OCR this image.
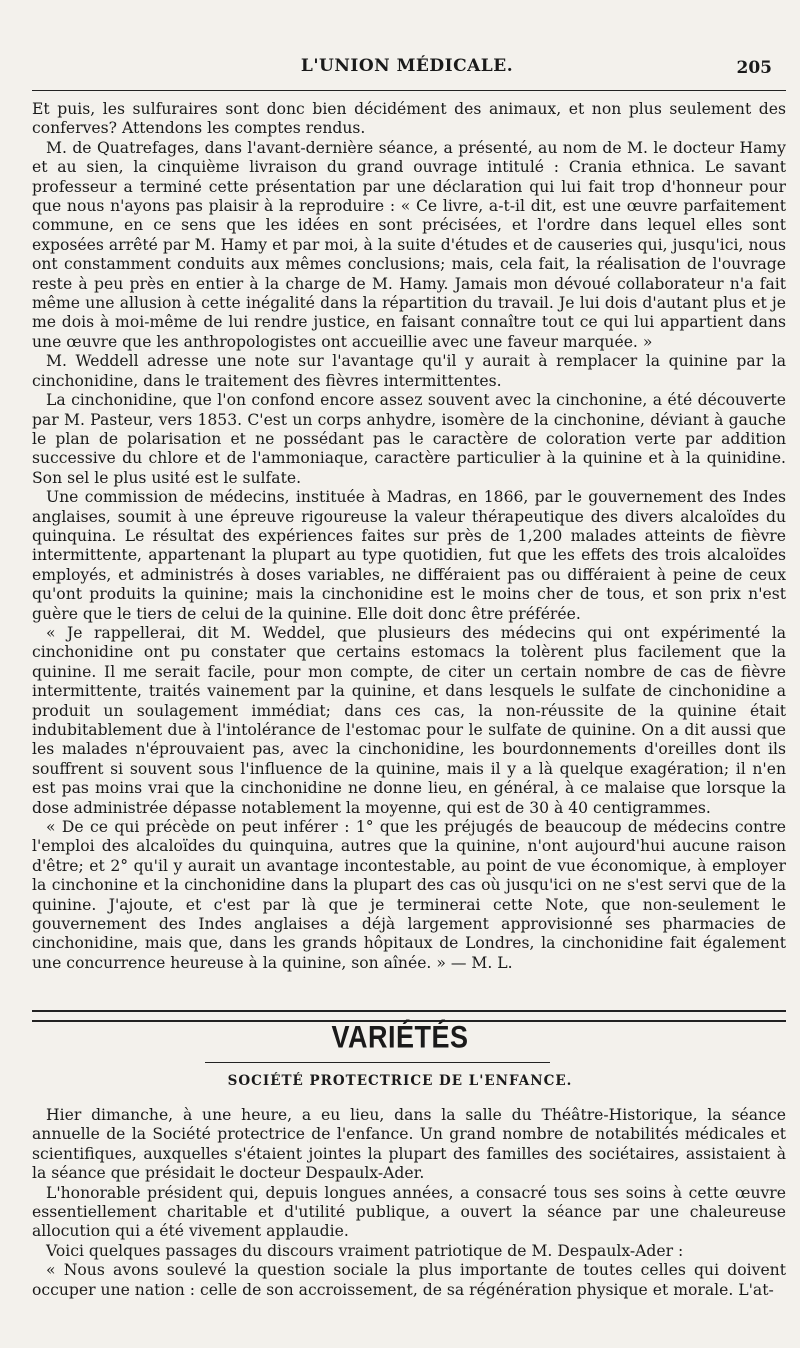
L'UNION MÉDICALE.	205

Et puis, les sulfuraires sont donc bien décidément des animaux, et non plus seulement des conferves? Attendons les comptes rendus.

M. de Quatrefages, dans l'avant-dernière séance, a présenté, au nom de M. le docteur Hamy et au sien, la cinquième livraison du grand ouvrage intitulé : Crania ethnica. Le savant professeur a terminé cette présentation par une déclaration qui lui fait trop d'honneur pour que nous n'ayons pas plaisir à la reproduire : « Ce livre, a-t-il dit, est une œuvre parfaitement commune, en ce sens que les idées en sont précisées, et l'ordre dans lequel elles sont exposées arrêté par M. Hamy et par moi, à la suite d'études et de causeries qui, jusqu'ici, nous ont constamment conduits aux mêmes conclusions; mais, cela fait, la réalisation de l'ouvrage reste à peu près en entier à la charge de M. Hamy. Jamais mon dévoué collaborateur n'a fait même une allusion à cette inégalité dans la répartition du travail. Je lui dois d'autant plus et je me dois à moi-même de lui rendre justice, en faisant connaître tout ce qui lui appartient dans une œuvre que les anthropologistes ont accueillie avec une faveur marquée. »

M. Weddell adresse une note sur l'avantage qu'il y aurait à remplacer la quinine par la cinchonidine, dans le traitement des fièvres intermittentes.

La cinchonidine, que l'on confond encore assez souvent avec la cinchonine, a été découverte par M. Pasteur, vers 1853. C'est un corps anhydre, isomère de la cinchonine, déviant à gauche le plan de polarisation et ne possédant pas le caractère de coloration verte par addition successive du chlore et de l'ammoniaque, caractère particulier à la quinine et à la quinidine. Son sel le plus usité est le sulfate.

Une commission de médecins, instituée à Madras, en 1866, par le gouvernement des Indes anglaises, soumit à une épreuve rigoureuse la valeur thérapeutique des divers alcaloïdes du quinquina. Le résultat des expériences faites sur près de 1,200 malades atteints de fièvre intermittente, appartenant la plupart au type quotidien, fut que les effets des trois alcaloïdes employés, et administrés à doses variables, ne différaient pas ou différaient à peine de ceux qu'ont produits la quinine; mais la cinchonidine est le moins cher de tous, et son prix n'est guère que le tiers de celui de la quinine. Elle doit donc être préférée.

« Je rappellerai, dit M. Weddel, que plusieurs des médecins qui ont expérimenté la cinchonidine ont pu constater que certains estomacs la tolèrent plus facilement que la quinine. Il me serait facile, pour mon compte, de citer un certain nombre de cas de fièvre intermittente, traités vainement par la quinine, et dans lesquels le sulfate de cinchonidine a produit un soulagement immédiat; dans ces cas, la non-réussite de la quinine était indubitablement due à l'intolérance de l'estomac pour le sulfate de quinine. On a dit aussi que les malades n'éprouvaient pas, avec la cinchonidine, les bourdonnements d'oreilles dont ils souffrent si souvent sous l'influence de la quinine, mais il y a là quelque exagération; il n'en est pas moins vrai que la cinchonidine ne donne lieu, en général, à ce malaise que lorsque la dose administrée dépasse notablement la moyenne, qui est de 30 à 40 centigrammes.

« De ce qui précède on peut inférer : 1° que les préjugés de beaucoup de médecins contre l'emploi des alcaloïdes du quinquina, autres que la quinine, n'ont aujourd'hui aucune raison d'être; et 2° qu'il y aurait un avantage incontestable, au point de vue économique, à employer la cinchonine et la cinchonidine dans la plupart des cas où jusqu'ici on ne s'est servi que de la quinine. J'ajoute, et c'est par là que je terminerai cette Note, que non-seulement le gouvernement des Indes anglaises a déjà largement approvisionné ses pharmacies de cinchonidine, mais que, dans les grands hôpitaux de Londres, la cinchonidine fait également une concurrence heureuse à la quinine, son aînée. » — M. L.

VARIÉTÉS
SOCIÉTÉ PROTECTRICE DE L'ENFANCE.

Hier dimanche, à une heure, a eu lieu, dans la salle du Théâtre-Historique, la séance annuelle de la Société protectrice de l'enfance. Un grand nombre de notabilités médicales et scientifiques, auxquelles s'étaient jointes la plupart des familles des sociétaires, assistaient à la séance que présidait le docteur Despaulx-Ader.

L'honorable président qui, depuis longues années, a consacré tous ses soins à cette œuvre essentiellement charitable et d'utilité publique, a ouvert la séance par une chaleureuse allocution qui a été vivement applaudie.

Voici quelques passages du discours vraiment patriotique de M. Despaulx-Ader :

« Nous avons soulevé la question sociale la plus importante de toutes celles qui doivent occuper une nation : celle de son accroissement, de sa régénération physique et morale. L'at-
